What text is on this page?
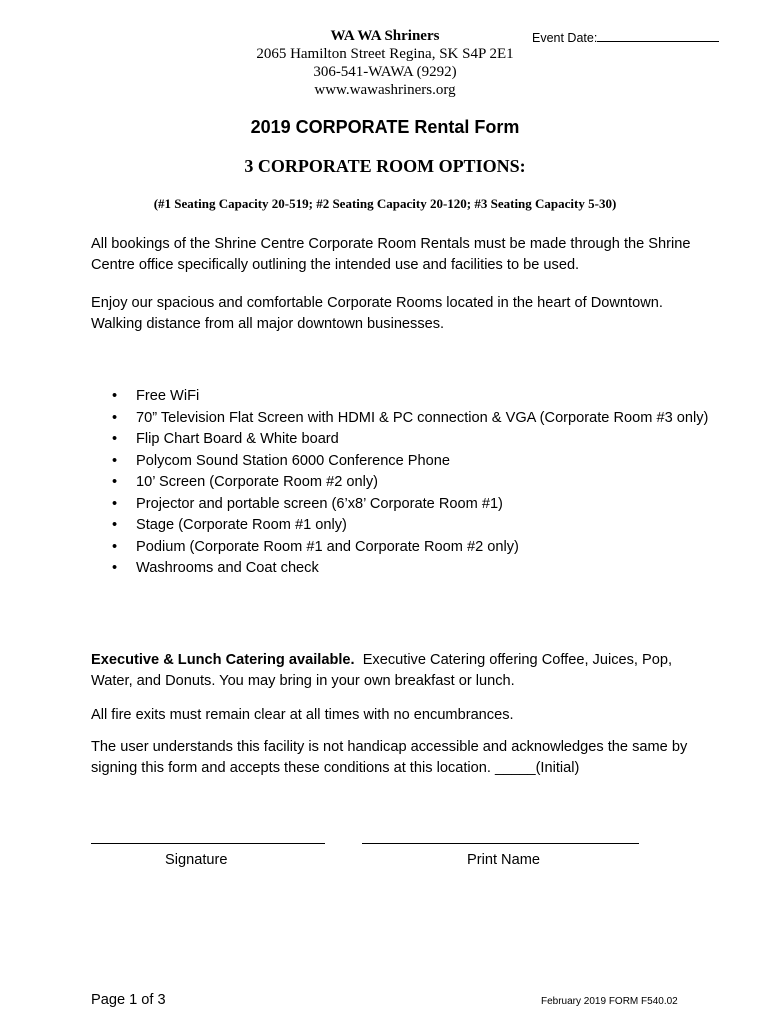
WA WA Shriners
2065 Hamilton Street Regina, SK S4P 2E1
306-541-WAWA (9292)
www.wawashriners.org
Event Date:
2019 CORPORATE Rental Form
3 CORPORATE ROOM OPTIONS:
(#1 Seating Capacity 20-519; #2 Seating Capacity 20-120; #3 Seating Capacity 5-30)
All bookings of the Shrine Centre Corporate Room Rentals must be made through the Shrine Centre office specifically outlining the intended use and facilities to be used.
Enjoy our spacious and comfortable Corporate Rooms located in the heart of Downtown. Walking distance from all major downtown businesses.
• Free WiFi
• 70” Television Flat Screen with HDMI & PC connection & VGA (Corporate Room #3 only)
• Flip Chart Board & White board
• Polycom Sound Station 6000 Conference Phone
• 10’ Screen (Corporate Room #2 only)
• Projector and portable screen (6’x8’ Corporate Room #1)
• Stage (Corporate Room #1 only)
• Podium (Corporate Room #1 and Corporate Room #2 only)
• Washrooms and Coat check
Executive & Lunch Catering available. Executive Catering offering Coffee, Juices, Pop, Water, and Donuts. You may bring in your own breakfast or lunch.
All fire exits must remain clear at all times with no encumbrances.
The user understands this facility is not handicap accessible and acknowledges the same by signing this form and accepts these conditions at this location. _____(Initial)
Signature	Print Name
Page 1 of 3	February 2019 FORM F540.02
